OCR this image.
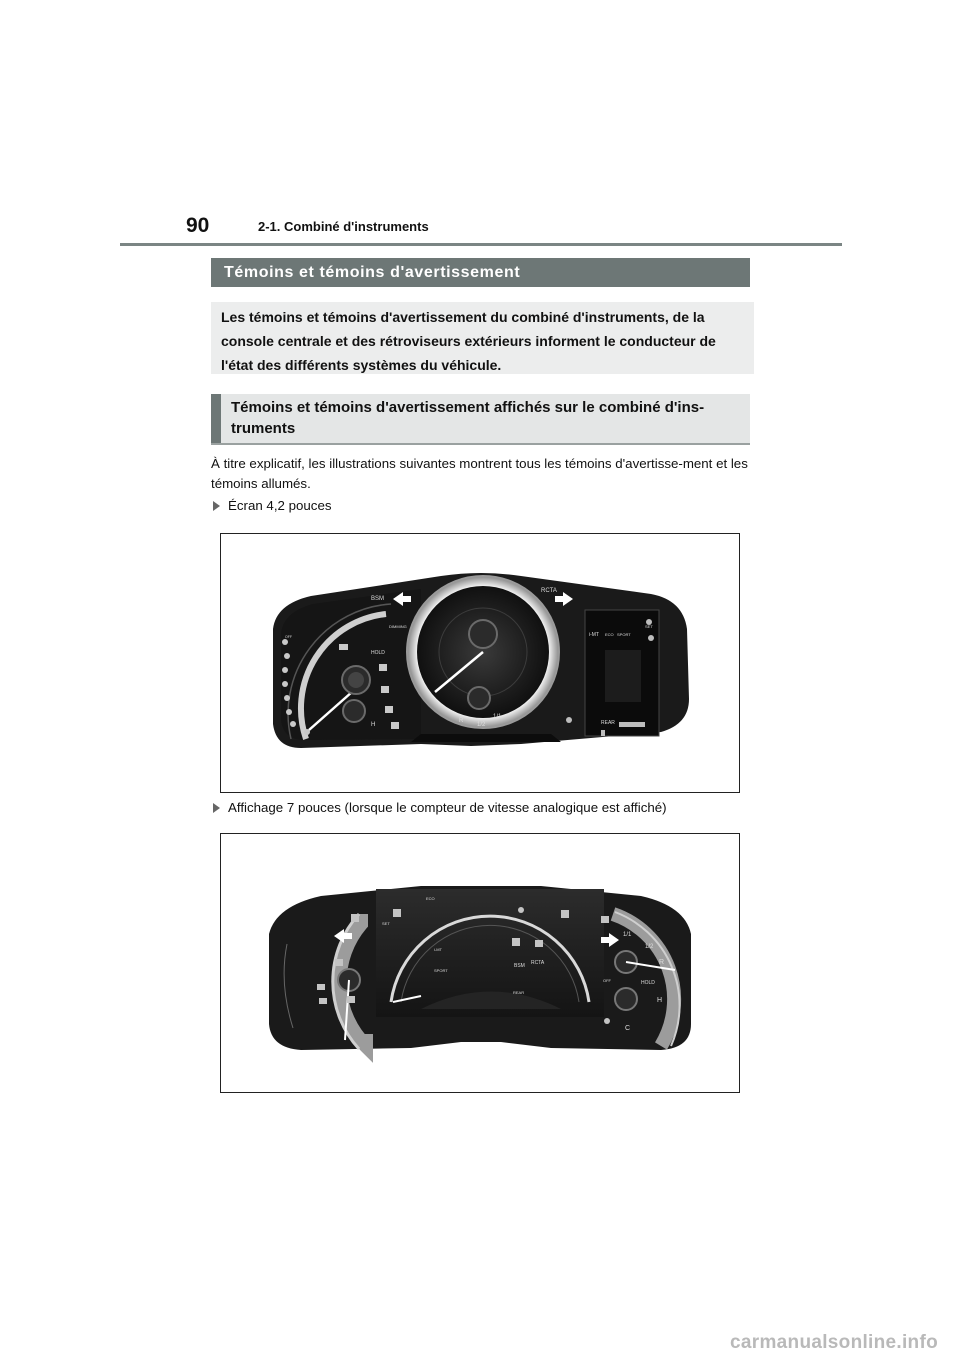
90	2-1. Combiné d'instruments
Témoins et témoins d'avertissement
Les témoins et témoins d'avertissement du combiné d'instruments, de la console centrale et des rétroviseurs extérieurs informent le conducteur de l'état des différents systèmes du véhicule.
Témoins et témoins d'avertissement affichés sur le combiné d'ins-truments
À titre explicatif, les illustrations suivantes montrent tous les témoins d'avertisse-ment et les témoins allumés.
Écran 4,2 pouces
BSM
RCTA
HOLD
H
R
1/2
1/1
i-MT ECO SPORT
SET
REAR
DIMMING
OFF
Affichage 7 pouces (lorsque le compteur de vitesse analogique est affiché)
ECO
SET
i-MT
SPORT
BSM RCTA
REAR
HOLD
1/1
1/2
R
H
C
OFF
carmanualsonline.info
